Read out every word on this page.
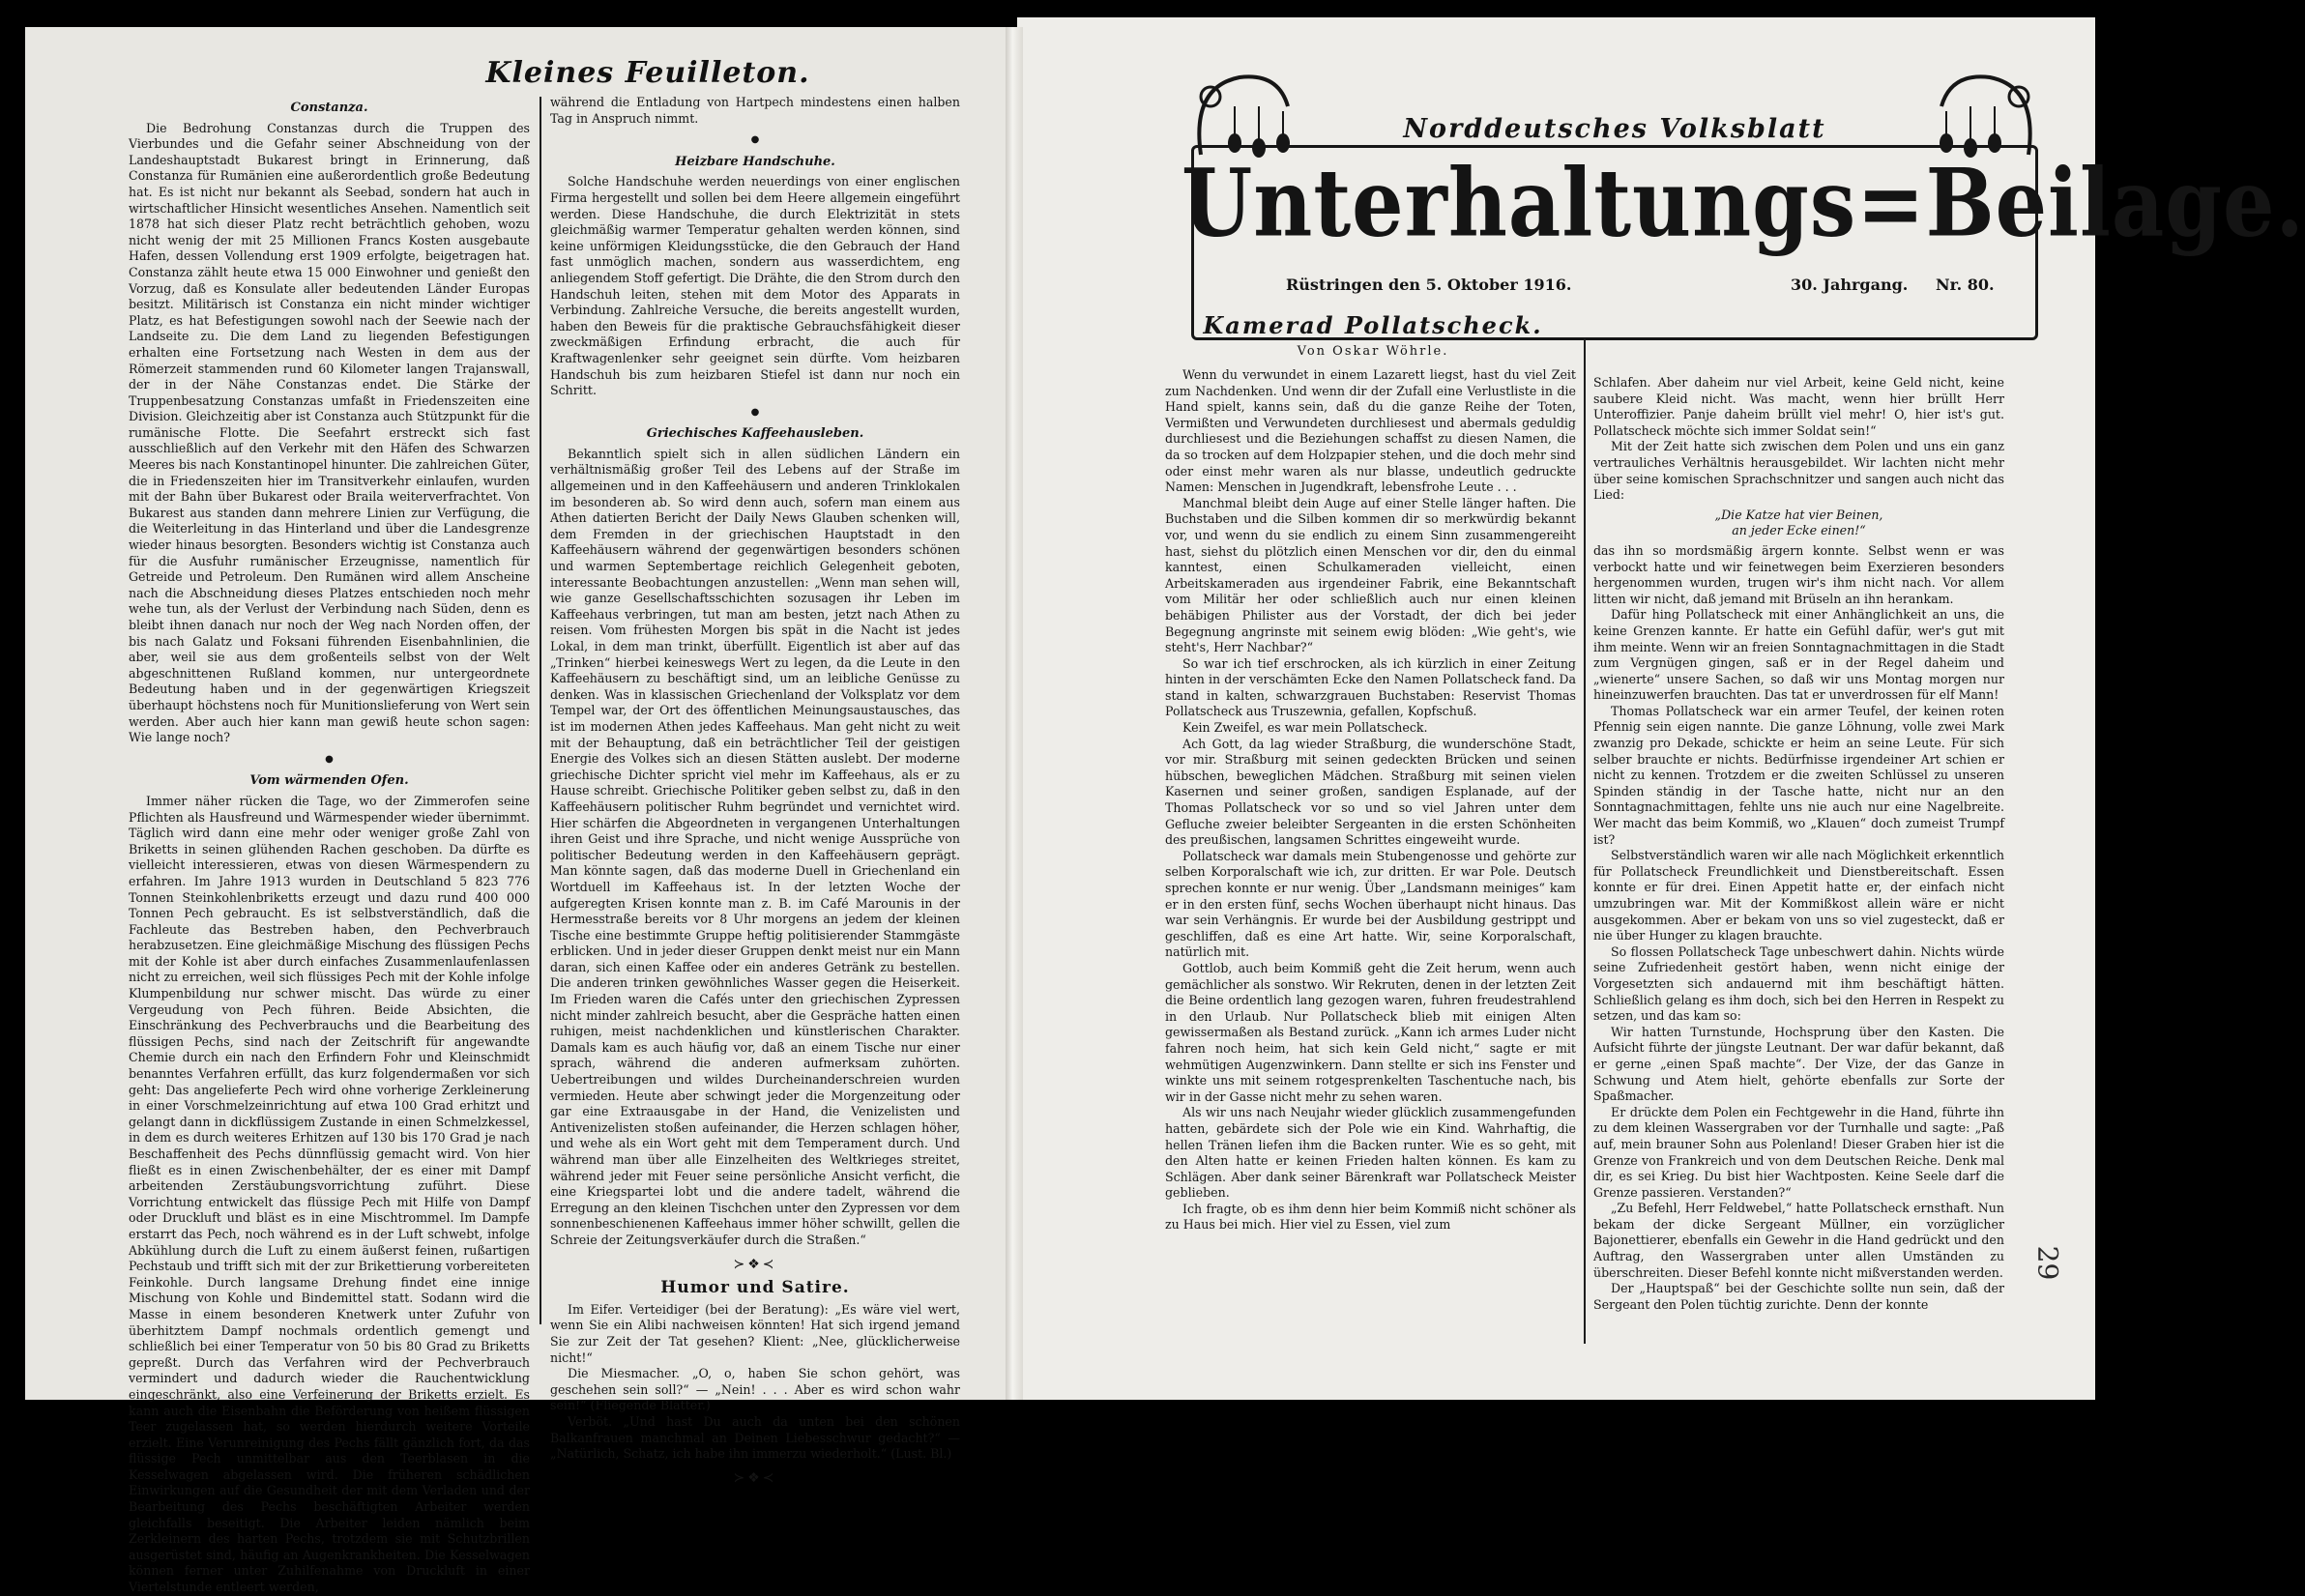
Kleines Feuilleton.
Constanza.

Die Bedrohung Constanzas durch die Truppen des Vierbundes und die Gefahr seiner Abschneidung von der Landeshauptstadt Bukarest bringt in Erinnerung, daß Constanza für Rumänien eine außerordentlich große Bedeutung hat. Es ist nicht nur bekannt als Seebad, sondern hat auch in wirtschaftlicher Hinsicht wesentliches Ansehen. Namentlich seit 1878 hat sich dieser Platz recht beträchtlich gehoben, wozu nicht wenig der mit 25 Millionen Francs Kosten ausgebaute Hafen, dessen Vollendung erst 1909 erfolgte, beigetragen hat. Constanza zählt heute etwa 15 000 Einwohner und genießt den Vorzug, daß es Konsulate aller bedeutenden Länder Europas besitzt. Militärisch ist Constanza ein nicht minder wichtiger Platz, es hat Befestigungen sowohl nach der Seewie nach der Landseite zu. Die dem Land zu liegenden Befestigungen erhalten eine Fortsetzung nach Westen in dem aus der Römerzeit stammenden rund 60 Kilometer langen Trajanswall, der in der Nähe Constanzas endet. Die Stärke der Truppenbesatzung Constanzas umfaßt in Friedenszeiten eine Division. Gleichzeitig aber ist Constanza auch Stützpunkt für die rumänische Flotte. Die Seefahrt erstreckt sich fast ausschließlich auf den Verkehr mit den Häfen des Schwarzen Meeres bis nach Konstantinopel hinunter. Die zahlreichen Güter, die in Friedenszeiten hier im Transitverkehr einlaufen, wurden mit der Bahn über Bukarest oder Braila weiterverfrachtet. Von Bukarest aus standen dann mehrere Linien zur Verfügung, die die Weiterleitung in das Hinterland und über die Landesgrenze wieder hinaus besorgten. Besonders wichtig ist Constanza auch für die Ausfuhr rumänischer Erzeugnisse, namentlich für Getreide und Petroleum. Den Rumänen wird allem Anscheine nach die Abschneidung dieses Platzes entschieden noch mehr wehe tun, als der Verlust der Verbindung nach Süden, denn es bleibt ihnen danach nur noch der Weg nach Norden offen, der bis nach Galatz und Foksani führenden Eisenbahnlinien, die aber, weil sie aus dem großenteils selbst von der Welt abgeschnittenen Rußland kommen, nur untergeordnete Bedeutung haben und in der gegenwärtigen Kriegszeit überhaupt höchstens noch für Munitionslieferung von Wert sein werden. Aber auch hier kann man gewiß heute schon sagen: Wie lange noch?

●
Vom wärmenden Ofen.

Immer näher rücken die Tage, wo der Zimmerofen seine Pflichten als Hausfreund und Wärmespender wieder übernimmt. Täglich wird dann eine mehr oder weniger große Zahl von Briketts in seinen glühenden Rachen geschoben. Da dürfte es vielleicht interessieren, etwas von diesen Wärmespendern zu erfahren. Im Jahre 1913 wurden in Deutschland 5 823 776 Tonnen Steinkohlenbriketts erzeugt und dazu rund 400 000 Tonnen Pech gebraucht. Es ist selbstverständlich, daß die Fachleute das Bestreben haben, den Pechverbrauch herabzusetzen. Eine gleichmäßige Mischung des flüssigen Pechs mit der Kohle ist aber durch einfaches Zusammenlaufenlassen nicht zu erreichen, weil sich flüssiges Pech mit der Kohle infolge Klumpenbildung nur schwer mischt. Das würde zu einer Vergeudung von Pech führen. Beide Absichten, die Einschränkung des Pechverbrauchs und die Bearbeitung des flüssigen Pechs, sind nach der Zeitschrift für angewandte Chemie durch ein nach den Erfindern Fohr und Kleinschmidt benanntes Verfahren erfüllt, das kurz folgendermaßen vor sich geht: Das angelieferte Pech wird ohne vorherige Zerkleinerung in einer Vorschmelzeinrichtung auf etwa 100 Grad erhitzt und gelangt dann in dickflüssigem Zustande in einen Schmelzkessel, in dem es durch weiteres Erhitzen auf 130 bis 170 Grad je nach Beschaffenheit des Pechs dünnflüssig gemacht wird. Von hier fließt es in einen Zwischenbehälter, der es einer mit Dampf arbeitenden Zerstäubungsvorrichtung zuführt. Diese Vorrichtung entwickelt das flüssige Pech mit Hilfe von Dampf oder Druckluft und bläst es in eine Mischtrommel. Im Dampfe erstarrt das Pech, noch während es in der Luft schwebt, infolge Abkühlung durch die Luft zu einem äußerst feinen, rußartigen Pechstaub und trifft sich mit der zur Brikettierung vorbereiteten Feinkohle. Durch langsame Drehung findet eine innige Mischung von Kohle und Bindemittel statt. Sodann wird die Masse in einem besonderen Knetwerk unter Zufuhr von überhitztem Dampf nochmals ordentlich gemengt und schließlich bei einer Temperatur von 50 bis 80 Grad zu Briketts gepreßt. Durch das Verfahren wird der Pechverbrauch vermindert und dadurch wieder die Rauchentwicklung eingeschränkt, also eine Verfeinerung der Briketts erzielt. Es kann auch die Eisenbahn die Beförderung von heißem flüssigen Teer zugelassen hat, so werden hierdurch weitere Vorteile erzielt. Eine Verunreinigung des Pechs fällt gänzlich fort, da das flüssige Pech unmittelbar aus den Teerblasen in die Kesselwagen abgelassen wird. Die früheren schädlichen Einwirkungen auf die Gesundheit der mit dem Verladen und der Bearbeitung des Pechs beschäftigten Arbeiter werden gleichfalls beseitigt. Die Arbeiter leiden nämlich beim Zerkleinern des harten Pechs, trotzdem sie mit Schutzbrillen ausgerüstet sind, häufig an Augenkrankheiten. Die Kesselwagen können ferner unter Zuhilfenahme von Druckluft in einer Viertelstunde entleert werden,

während die Entladung von Hartpech mindestens einen halben Tag in Anspruch nimmt.

●
Heizbare Handschuhe.

Solche Handschuhe werden neuerdings von einer englischen Firma hergestellt und sollen bei dem Heere allgemein eingeführt werden. Diese Handschuhe, die durch Elektrizität in stets gleichmäßig warmer Temperatur gehalten werden können, sind keine unförmigen Kleidungsstücke, die den Gebrauch der Hand fast unmöglich machen, sondern aus wasserdichtem, eng anliegendem Stoff gefertigt. Die Drähte, die den Strom durch den Handschuh leiten, stehen mit dem Motor des Apparats in Verbindung. Zahlreiche Versuche, die bereits angestellt wurden, haben den Beweis für die praktische Gebrauchsfähigkeit dieser zweckmäßigen Erfindung erbracht, die auch für Kraftwagenlenker sehr geeignet sein dürfte. Vom heizbaren Handschuh bis zum heizbaren Stiefel ist dann nur noch ein Schritt.

●
Griechisches Kaffeehausleben.

Bekanntlich spielt sich in allen südlichen Ländern ein verhältnismäßig großer Teil des Lebens auf der Straße im allgemeinen und in den Kaffeehäusern und anderen Trinklokalen im besonderen ab. So wird denn auch, sofern man einem aus Athen datierten Bericht der Daily News Glauben schenken will, dem Fremden in der griechischen Hauptstadt in den Kaffeehäusern während der gegenwärtigen besonders schönen und warmen Septembertage reichlich Gelegenheit geboten, interessante Beobachtungen anzustellen: „Wenn man sehen will, wie ganze Gesellschaftsschichten sozusagen ihr Leben im Kaffeehaus verbringen, tut man am besten, jetzt nach Athen zu reisen. Vom frühesten Morgen bis spät in die Nacht ist jedes Lokal, in dem man trinkt, überfüllt. Eigentlich ist aber auf das „Trinken“ hierbei keineswegs Wert zu legen, da die Leute in den Kaffeehäusern zu beschäftigt sind, um an leibliche Genüsse zu denken. Was in klassischen Griechenland der Volksplatz vor dem Tempel war, der Ort des öffentlichen Meinungsaustausches, das ist im modernen Athen jedes Kaffeehaus. Man geht nicht zu weit mit der Behauptung, daß ein beträchtlicher Teil der geistigen Energie des Volkes sich an diesen Stätten auslebt. Der moderne griechische Dichter spricht viel mehr im Kaffeehaus, als er zu Hause schreibt. Griechische Politiker geben selbst zu, daß in den Kaffeehäusern politischer Ruhm begründet und vernichtet wird. Hier schärfen die Abgeordneten in vergangenen Unterhaltungen ihren Geist und ihre Sprache, und nicht wenige Aussprüche von politischer Bedeutung werden in den Kaffeehäusern geprägt. Man könnte sagen, daß das moderne Duell in Griechenland ein Wortduell im Kaffeehaus ist. In der letzten Woche der aufgeregten Krisen konnte man z. B. im Café Marounis in der Hermesstraße bereits vor 8 Uhr morgens an jedem der kleinen Tische eine bestimmte Gruppe heftig politisierender Stammgäste erblicken. Und in jeder dieser Gruppen denkt meist nur ein Mann daran, sich einen Kaffee oder ein anderes Getränk zu bestellen. Die anderen trinken gewöhnliches Wasser gegen die Heiserkeit. Im Frieden waren die Cafés unter den griechischen Zypressen nicht minder zahlreich besucht, aber die Gespräche hatten einen ruhigen, meist nachdenklichen und künstlerischen Charakter. Damals kam es auch häufig vor, daß an einem Tische nur einer sprach, während die anderen aufmerksam zuhörten. Uebertreibungen und wildes Durcheinanderschreien wurden vermieden. Heute aber schwingt jeder die Morgenzeitung oder gar eine Extraausgabe in der Hand, die Venizelisten und Antivenizelisten stoßen aufeinander, die Herzen schlagen höher, und wehe als ein Wort geht mit dem Temperament durch. Und während man über alle Einzelheiten des Weltkrieges streitet, während jeder mit Feuer seine persönliche Ansicht verficht, die eine Kriegspartei lobt und die andere tadelt, während die Erregung an den kleinen Tischchen unter den Zypressen vor dem sonnenbeschienenen Kaffeehaus immer höher schwillt, gellen die Schreie der Zeitungsverkäufer durch die Straßen.“

≻❖≺
Humor und Satire.

Im Eifer. Verteidiger (bei der Beratung): „Es wäre viel wert, wenn Sie ein Alibi nachweisen könnten! Hat sich irgend jemand Sie zur Zeit der Tat gesehen? Klient: „Nee, glücklicherweise nicht!“

Die Miesmacher. „O, o, haben Sie schon gehört, was geschehen sein soll?“ — „Nein! . . . Aber es wird schon wahr sein!“ (Fliegende Blätter.)

Verböt. „Und hast Du auch da unten bei den schönen Balkanfrauen manchmal an Deinen Liebesschwur gedacht?“ — „Natürlich, Schatz, ich habe ihn immerzu wiederholt.“ (Lust. Bl.)

≻❖≺
Norddeutsches Volksblatt
Unterhaltungs=Beilage.
Rüstringen den 5. Oktober 1916.	30. Jahrgang. Nr. 80.
Kamerad Pollatscheck.
Von Oskar Wöhrle.

Wenn du verwundet in einem Lazarett liegst, hast du viel Zeit zum Nachdenken. Und wenn dir der Zufall eine Verlustliste in die Hand spielt, kanns sein, daß du die ganze Reihe der Toten, Vermißten und Verwundeten durchliesest und abermals geduldig durchliesest und die Beziehungen schaffst zu diesen Namen, die da so trocken auf dem Holzpapier stehen, und die doch mehr sind oder einst mehr waren als nur blasse, undeutlich gedruckte Namen: Menschen in Jugendkraft, lebensfrohe Leute . . .

Manchmal bleibt dein Auge auf einer Stelle länger haften. Die Buchstaben und die Silben kommen dir so merkwürdig bekannt vor, und wenn du sie endlich zu einem Sinn zusammengereiht hast, siehst du plötzlich einen Menschen vor dir, den du einmal kanntest, einen Schulkameraden vielleicht, einen Arbeitskameraden aus irgendeiner Fabrik, eine Bekanntschaft vom Militär her oder schließlich auch nur einen kleinen behäbigen Philister aus der Vorstadt, der dich bei jeder Begegnung angrinste mit seinem ewig blöden: „Wie geht's, wie steht's, Herr Nachbar?“

So war ich tief erschrocken, als ich kürzlich in einer Zeitung hinten in der verschämten Ecke den Namen Pollatscheck fand. Da stand in kalten, schwarzgrauen Buchstaben: Reservist Thomas Pollatscheck aus Truszewnia, gefallen, Kopfschuß.

Kein Zweifel, es war mein Pollatscheck.

Ach Gott, da lag wieder Straßburg, die wunderschöne Stadt, vor mir. Straßburg mit seinen gedeckten Brücken und seinen hübschen, beweglichen Mädchen. Straßburg mit seinen vielen Kasernen und seiner großen, sandigen Esplanade, auf der Thomas Pollatscheck vor so und so viel Jahren unter dem Gefluche zweier beleibter Sergeanten in die ersten Schönheiten des preußischen, langsamen Schrittes eingeweiht wurde.

Pollatscheck war damals mein Stubengenosse und gehörte zur selben Korporalschaft wie ich, zur dritten. Er war Pole. Deutsch sprechen konnte er nur wenig. Über „Landsmann meiniges“ kam er in den ersten fünf, sechs Wochen überhaupt nicht hinaus. Das war sein Verhängnis. Er wurde bei der Ausbildung gestrippt und geschliffen, daß es eine Art hatte. Wir, seine Korporalschaft, natürlich mit.

Gottlob, auch beim Kommiß geht die Zeit herum, wenn auch gemächlicher als sonstwo. Wir Rekruten, denen in der letzten Zeit die Beine ordentlich lang gezogen waren, fuhren freudestrahlend in den Urlaub. Nur Pollatscheck blieb mit einigen Alten gewissermaßen als Bestand zurück. „Kann ich armes Luder nicht fahren noch heim, hat sich kein Geld nicht,“ sagte er mit wehmütigen Augenzwinkern. Dann stellte er sich ins Fenster und winkte uns mit seinem rotgesprenkelten Taschentuche nach, bis wir in der Gasse nicht mehr zu sehen waren.

Als wir uns nach Neujahr wieder glücklich zusammengefunden hatten, gebärdete sich der Pole wie ein Kind. Wahrhaftig, die hellen Tränen liefen ihm die Backen runter. Wie es so geht, mit den Alten hatte er keinen Frieden halten können. Es kam zu Schlägen. Aber dank seiner Bärenkraft war Pollatscheck Meister geblieben.

Ich fragte, ob es ihm denn hier beim Kommiß nicht schöner als zu Haus bei mich. Hier viel zu Essen, viel zum

Schlafen. Aber daheim nur viel Arbeit, keine Geld nicht, keine saubere Kleid nicht. Was macht, wenn hier brüllt Herr Unteroffizier. Panje daheim brüllt viel mehr! O, hier ist's gut. Pollatscheck möchte sich immer Soldat sein!“

Mit der Zeit hatte sich zwischen dem Polen und uns ein ganz vertrauliches Verhältnis herausgebildet. Wir lachten nicht mehr über seine komischen Sprachschnitzer und sangen auch nicht das Lied:

„Die Katze hat vier Beinen,
an jeder Ecke einen!“

das ihn so mordsmäßig ärgern konnte. Selbst wenn er was verbockt hatte und wir feinetwegen beim Exerzieren besonders hergenommen wurden, trugen wir's ihm nicht nach. Vor allem litten wir nicht, daß jemand mit Brüseln an ihn herankam.

Dafür hing Pollatscheck mit einer Anhänglichkeit an uns, die keine Grenzen kannte. Er hatte ein Gefühl dafür, wer's gut mit ihm meinte. Wenn wir an freien Sonntagnachmittagen in die Stadt zum Vergnügen gingen, saß er in der Regel daheim und „wienerte“ unsere Sachen, so daß wir uns Montag morgen nur hineinzuwerfen brauchten. Das tat er unverdrossen für elf Mann!

Thomas Pollatscheck war ein armer Teufel, der keinen roten Pfennig sein eigen nannte. Die ganze Löhnung, volle zwei Mark zwanzig pro Dekade, schickte er heim an seine Leute. Für sich selber brauchte er nichts. Bedürfnisse irgendeiner Art schien er nicht zu kennen. Trotzdem er die zweiten Schlüssel zu unseren Spinden ständig in der Tasche hatte, nicht nur an den Sonntagnachmittagen, fehlte uns nie auch nur eine Nagelbreite. Wer macht das beim Kommiß, wo „Klauen“ doch zumeist Trumpf ist?

Selbstverständlich waren wir alle nach Möglichkeit erkenntlich für Pollatscheck Freundlichkeit und Dienstbereitschaft. Essen konnte er für drei. Einen Appetit hatte er, der einfach nicht umzubringen war. Mit der Kommißkost allein wäre er nicht ausgekommen. Aber er bekam von uns so viel zugesteckt, daß er nie über Hunger zu klagen brauchte.

So flossen Pollatscheck Tage unbeschwert dahin. Nichts würde seine Zufriedenheit gestört haben, wenn nicht einige der Vorgesetzten sich andauernd mit ihm beschäftigt hätten. Schließlich gelang es ihm doch, sich bei den Herren in Respekt zu setzen, und das kam so:

Wir hatten Turnstunde, Hochsprung über den Kasten. Die Aufsicht führte der jüngste Leutnant. Der war dafür bekannt, daß er gerne „einen Spaß machte“. Der Vize, der das Ganze in Schwung und Atem hielt, gehörte ebenfalls zur Sorte der Spaßmacher.

Er drückte dem Polen ein Fechtgewehr in die Hand, führte ihn zu dem kleinen Wassergraben vor der Turnhalle und sagte: „Paß auf, mein brauner Sohn aus Polenland! Dieser Graben hier ist die Grenze von Frankreich und von dem Deutschen Reiche. Denk mal dir, es sei Krieg. Du bist hier Wachtposten. Keine Seele darf die Grenze passieren. Verstanden?“

„Zu Befehl, Herr Feldwebel,“ hatte Pollatscheck ernsthaft. Nun bekam der dicke Sergeant Müllner, ein vorzüglicher Bajonettierer, ebenfalls ein Gewehr in die Hand gedrückt und den Auftrag, den Wassergraben unter allen Umständen zu überschreiten. Dieser Befehl konnte nicht mißverstanden werden.

Der „Hauptspaß“ bei der Geschichte sollte nun sein, daß der Sergeant den Polen tüchtig zurichte. Denn der konnte

29
